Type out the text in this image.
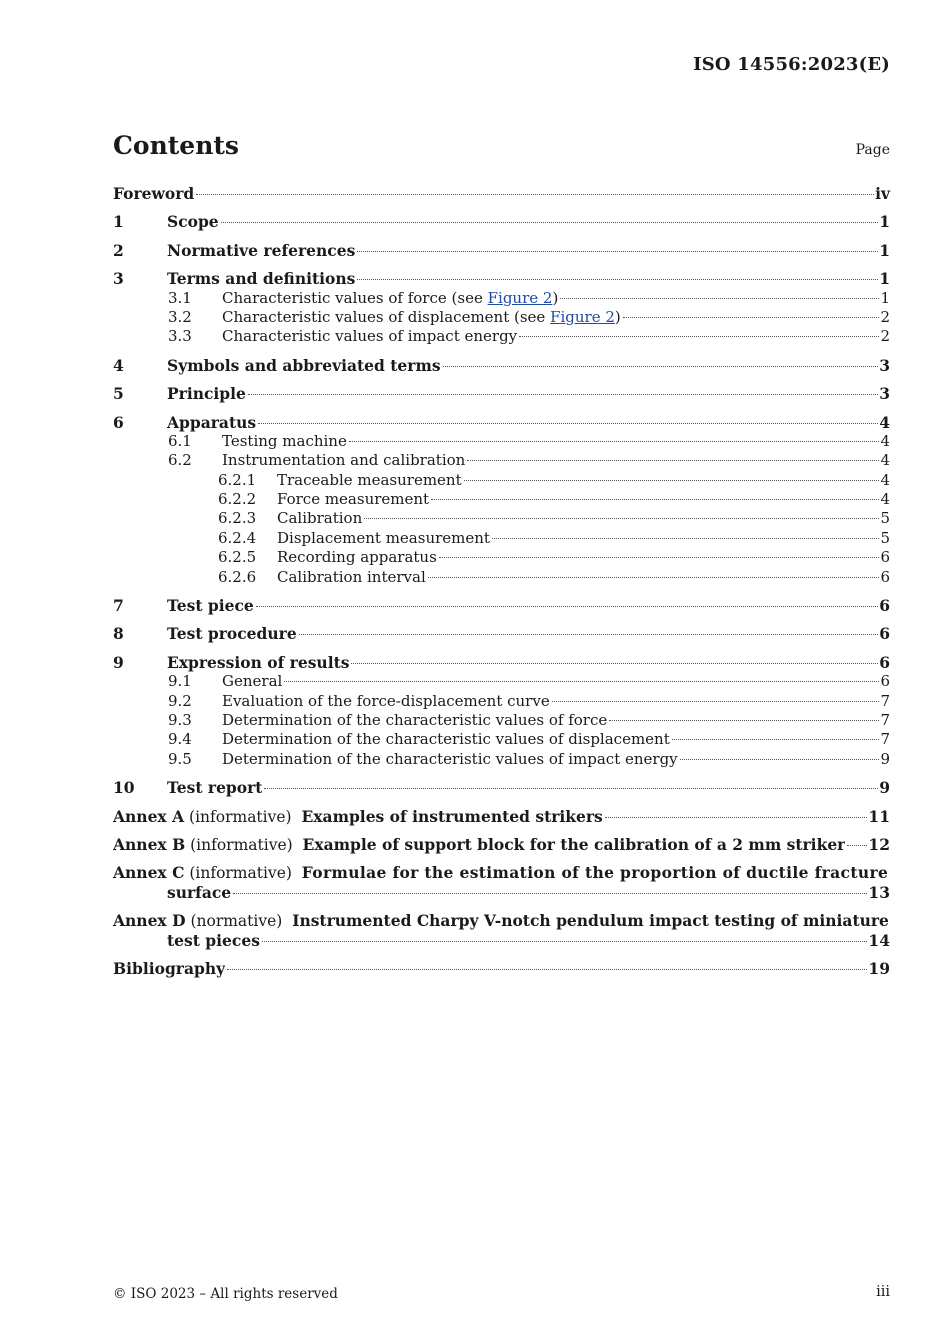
ISO 14556:2023(E)
Contents	Page
Foreword	iv
1	Scope	1
2	Normative references	1
3	Terms and definitions	1
3.1	Characteristic values of force (see Figure 2)	1
3.2	Characteristic values of displacement (see Figure 2)	2
3.3	Characteristic values of impact energy	2
4	Symbols and abbreviated terms	3
5	Principle	3
6	Apparatus	4
6.1	Testing machine	4
6.2	Instrumentation and calibration	4
6.2.1	Traceable measurement	4
6.2.2	Force measurement	4
6.2.3	Calibration	5
6.2.4	Displacement measurement	5
6.2.5	Recording apparatus	6
6.2.6	Calibration interval	6
7	Test piece	6
8	Test procedure	6
9	Expression of results	6
9.1	General	6
9.2	Evaluation of the force-displacement curve	7
9.3	Determination of the characteristic values of force	7
9.4	Determination of the characteristic values of displacement	7
9.5	Determination of the characteristic values of impact energy	9
10	Test report	9
Annex A (informative) Examples of instrumented strikers	11
Annex B (informative) Example of support block for the calibration of a 2 mm striker 12
Annex C (informative) Formulae for the estimation of the proportion of ductile fracture
surface	13
Annex D (normative) Instrumented Charpy V-notch pendulum impact testing of miniature
test pieces	14
Bibliography	19
© ISO 2023 – All rights reserved	iii
